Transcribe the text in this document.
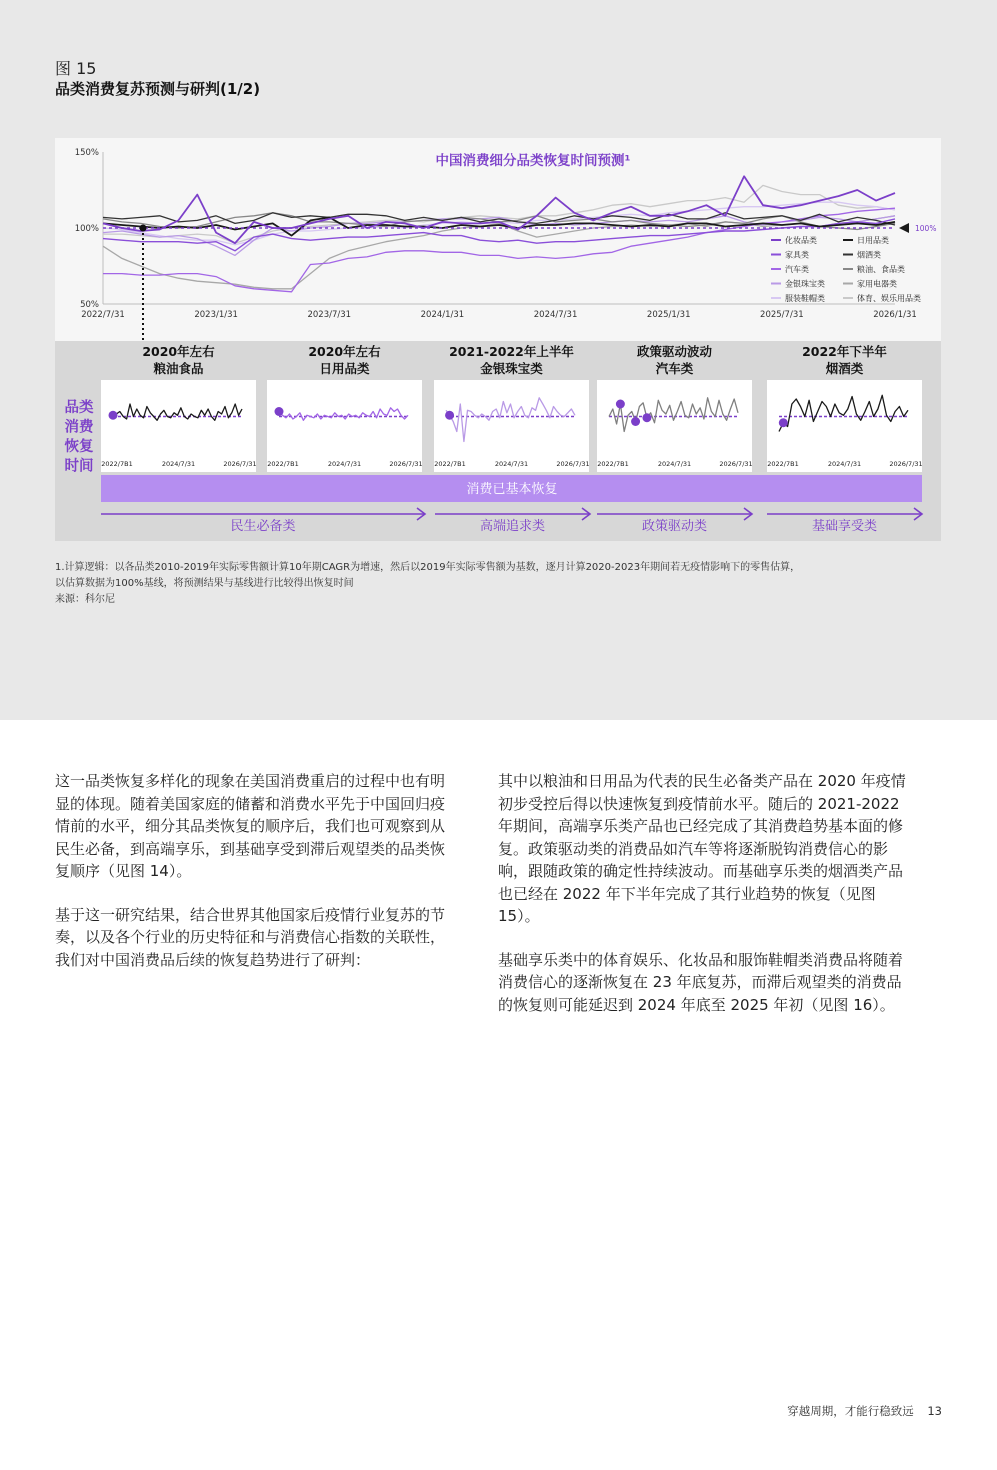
图 15
品类消费复苏预测与研判(1/2)
150%
100%
50%
2022/7/31	2023/1/31	2023/7/31	2024/1/31	2024/7/31	2025/1/31	2025/7/31	2026/1/31
中国消费细分品类恢复时间预测¹
100%
化妆品类	日用品类
家具类	烟酒类
汽车类	粮油、食品类
金银珠宝类	家用电器类
服装鞋帽类	体育、娱乐用品类
品类
消费
恢复
时间
2020年左右
粮油食品
2022/7B1	2024/7/31	2026/7/31
2020年左右
日用品类
2022/7B1	2024/7/31	2026/7/31
2021-2022年上半年
金银珠宝类
2022/7B1	2024/7/31	2026/7/31
政策驱动波动
汽车类
2022/7B1	2024/7/31	2026/7/31
2022年下半年
烟酒类
2022/7B1	2024/7/31	2026/7/31
消费已基本恢复
民生必备类	高端追求类	政策驱动类	基础享受类
1.计算逻辑：以各品类2010-2019年实际零售额计算10年期CAGR为增速，然后以2019年实际零售额为基数，逐月计算2020-2023年期间若无疫情影响下的零售估算，
以估算数据为100%基线，将预测结果与基线进行比较得出恢复时间
来源：科尔尼

这一品类恢复多样化的现象在美国消费重启的过程中也有明显的体现。随着美国家庭的储蓄和消费水平先于中国回归疫情前的水平，细分其品类恢复的顺序后，我们也可观察到从民生必备，到高端享乐，到基础享受到滞后观望类的品类恢复顺序（见图 14）。

基于这一研究结果，结合世界其他国家后疫情行业复苏的节奏，以及各个行业的历史特征和与消费信心指数的关联性，我们对中国消费品后续的恢复趋势进行了研判：

其中以粮油和日用品为代表的民生必备类产品在 2020 年疫情初步受控后得以快速恢复到疫情前水平。随后的 2021-2022 年期间，高端享乐类产品也已经完成了其消费趋势基本面的修复。政策驱动类的消费品如汽车等将逐渐脱钩消费信心的影响，跟随政策的确定性持续波动。而基础享乐类的烟酒类产品也已经在 2022 年下半年完成了其行业趋势的恢复（见图 15）。

基础享乐类中的体育娱乐、化妆品和服饰鞋帽类消费品将随着消费信心的逐渐恢复在 23 年底复苏，而滞后观望类的消费品的恢复则可能延迟到 2024 年底至 2025 年初（见图 16）。

穿越周期，才能行稳致远 13
